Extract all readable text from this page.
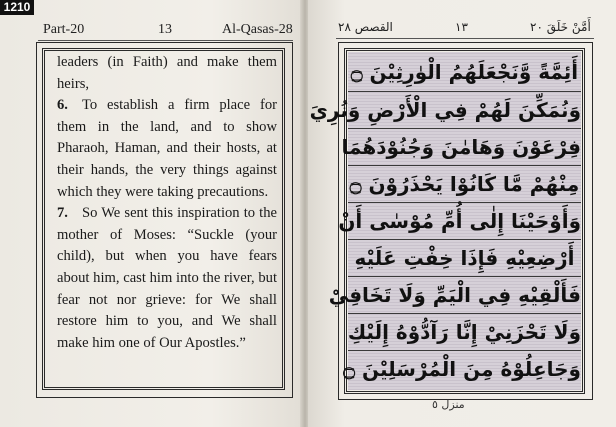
1210
Part-20	13	Al-Qasas-28

leaders (in Faith) and make them heirs,

6. To establish a firm place for them in the land, and to show Pharaoh, Haman, and their hosts, at their hands, the very things against which they were taking precautions.

7. So We sent this inspiration to the mother of Moses: “Suckle (your child), but when you have fears about him, cast him into the river, but fear not nor grieve: for We shall restore him to you, and We shall make him one of Our Apostles.”

القصص ٢٨	١٣	أَمَّنْ خَلَقَ ٢٠
أَئِمَّةً وَّنَجْعَلَهُمُ الْوٰرِثِيْنَ ۝
وَنُمَكِّنَ لَهُمْ فِي الْأَرْضِ وَنُرِيَ
فِرْعَوْنَ وَهَامٰنَ وَجُنُوْدَهُمَا
مِنْهُمْ مَّا كَانُوْا يَحْذَرُوْنَ ۝
وَأَوْحَيْنَا إِلٰى أُمِّ مُوْسٰى أَنْ
أَرْضِعِيْهِ فَإِذَا خِفْتِ عَلَيْهِ
فَأَلْقِيْهِ فِي الْيَمِّ وَلَا تَخَافِيْ
وَلَا تَحْزَنِيْ إِنَّا رَآدُّوْهُ إِلَيْكِ
وَجَاعِلُوْهُ مِنَ الْمُرْسَلِيْنَ ۝
منزل ٥
